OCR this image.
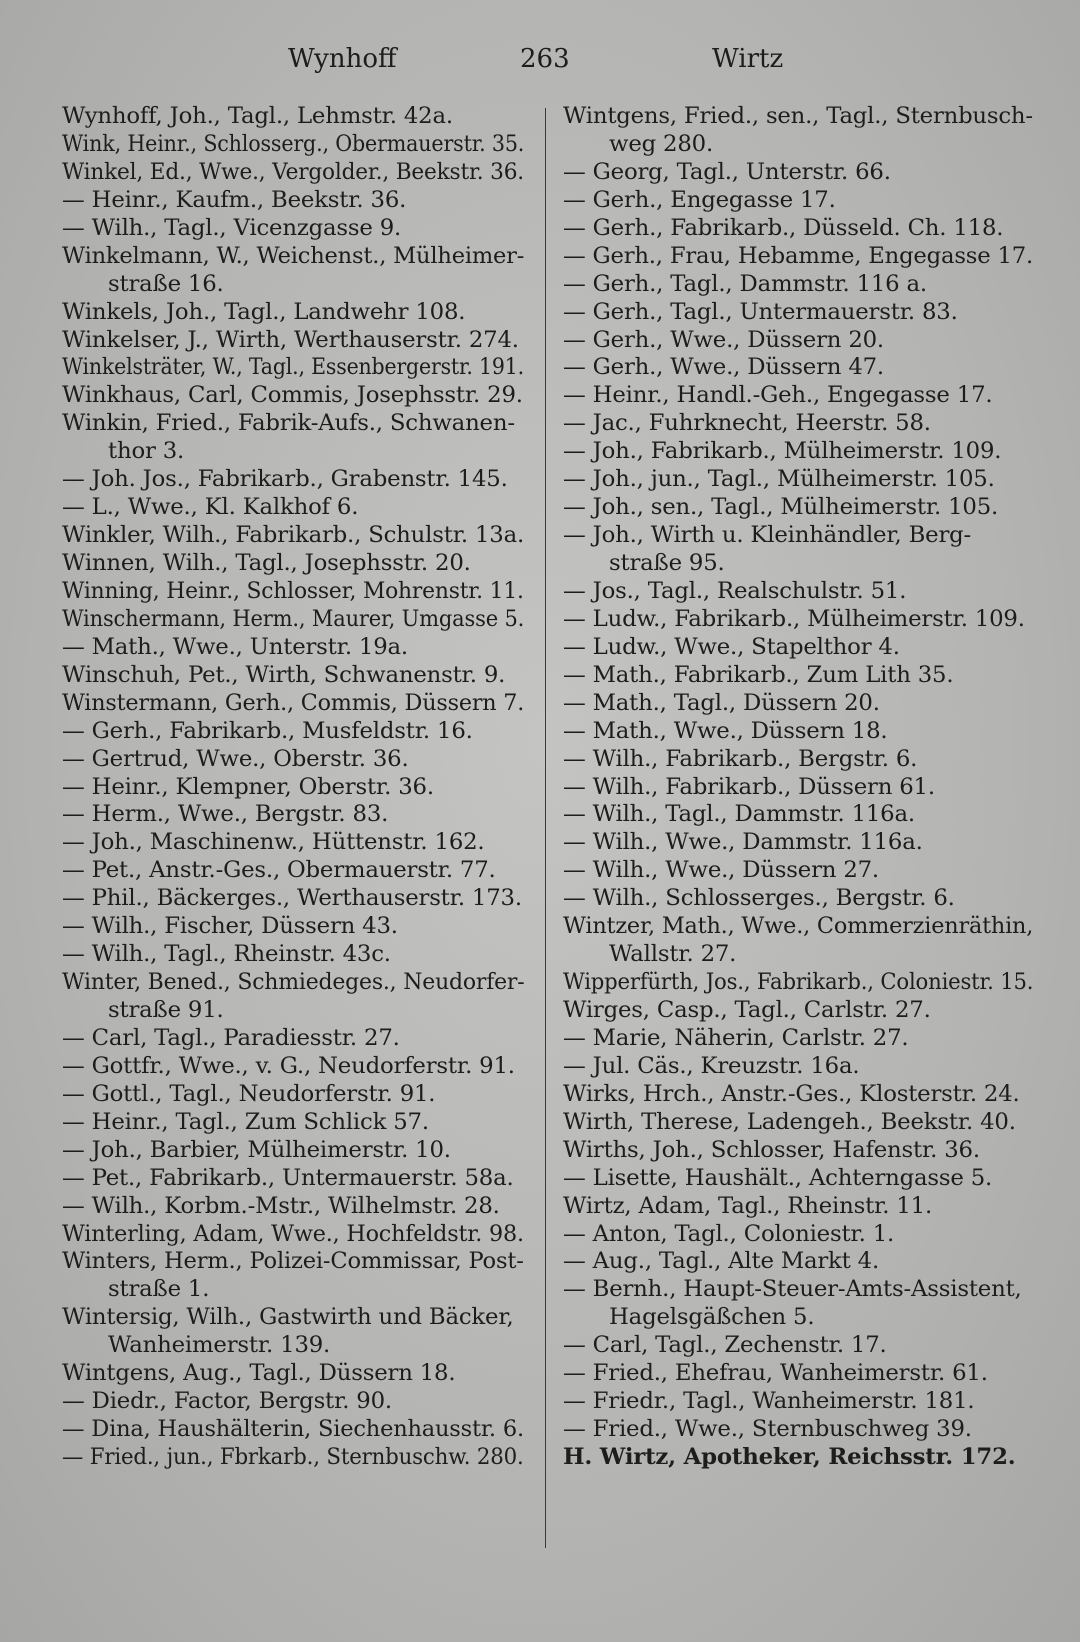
Wynhoff	263	Wirtz
Wynhoff, Joh., Tagl., Lehmstr. 42a.
Wink, Heinr., Schlosserg., Obermauerstr. 35.
Winkel, Ed., Wwe., Vergolder., Beekstr. 36.
— Heinr., Kaufm., Beekstr. 36.
— Wilh., Tagl., Vicenzgasse 9.
Winkelmann, W., Weichenst., Mülheimer-
straße 16.
Winkels, Joh., Tagl., Landwehr 108.
Winkelser, J., Wirth, Werthauserstr. 274.
Winkelsträter, W., Tagl., Essenbergerstr. 191.
Winkhaus, Carl, Commis, Josephsstr. 29.
Winkin, Fried., Fabrik-Aufs., Schwanen-
thor 3.
— Joh. Jos., Fabrikarb., Grabenstr. 145.
— L., Wwe., Kl. Kalkhof 6.
Winkler, Wilh., Fabrikarb., Schulstr. 13a.
Winnen, Wilh., Tagl., Josephsstr. 20.
Winning, Heinr., Schlosser, Mohrenstr. 11.
Winschermann, Herm., Maurer, Umgasse 5.
— Math., Wwe., Unterstr. 19a.
Winschuh, Pet., Wirth, Schwanenstr. 9.
Winstermann, Gerh., Commis, Düssern 7.
— Gerh., Fabrikarb., Musfeldstr. 16.
— Gertrud, Wwe., Oberstr. 36.
— Heinr., Klempner, Oberstr. 36.
— Herm., Wwe., Bergstr. 83.
— Joh., Maschinenw., Hüttenstr. 162.
— Pet., Anstr.-Ges., Obermauerstr. 77.
— Phil., Bäckerges., Werthauserstr. 173.
— Wilh., Fischer, Düssern 43.
— Wilh., Tagl., Rheinstr. 43c.
Winter, Bened., Schmiedeges., Neudorfer-
straße 91.
— Carl, Tagl., Paradiesstr. 27.
— Gottfr., Wwe., v. G., Neudorferstr. 91.
— Gottl., Tagl., Neudorferstr. 91.
— Heinr., Tagl., Zum Schlick 57.
— Joh., Barbier, Mülheimerstr. 10.
— Pet., Fabrikarb., Untermauerstr. 58a.
— Wilh., Korbm.-Mstr., Wilhelmstr. 28.
Winterling, Adam, Wwe., Hochfeldstr. 98.
Winters, Herm., Polizei-Commissar, Post-
straße 1.
Wintersig, Wilh., Gastwirth und Bäcker,
Wanheimerstr. 139.
Wintgens, Aug., Tagl., Düssern 18.
— Diedr., Factor, Bergstr. 90.
— Dina, Haushälterin, Siechenhausstr. 6.
— Fried., jun., Fbrkarb., Sternbuschw. 280.
Wintgens, Fried., sen., Tagl., Sternbusch-
weg 280.
— Georg, Tagl., Unterstr. 66.
— Gerh., Engegasse 17.
— Gerh., Fabrikarb., Düsseld. Ch. 118.
— Gerh., Frau, Hebamme, Engegasse 17.
— Gerh., Tagl., Dammstr. 116 a.
— Gerh., Tagl., Untermauerstr. 83.
— Gerh., Wwe., Düssern 20.
— Gerh., Wwe., Düssern 47.
— Heinr., Handl.-Geh., Engegasse 17.
— Jac., Fuhrknecht, Heerstr. 58.
— Joh., Fabrikarb., Mülheimerstr. 109.
— Joh., jun., Tagl., Mülheimerstr. 105.
— Joh., sen., Tagl., Mülheimerstr. 105.
— Joh., Wirth u. Kleinhändler, Berg-
straße 95.
— Jos., Tagl., Realschulstr. 51.
— Ludw., Fabrikarb., Mülheimerstr. 109.
— Ludw., Wwe., Stapelthor 4.
— Math., Fabrikarb., Zum Lith 35.
— Math., Tagl., Düssern 20.
— Math., Wwe., Düssern 18.
— Wilh., Fabrikarb., Bergstr. 6.
— Wilh., Fabrikarb., Düssern 61.
— Wilh., Tagl., Dammstr. 116a.
— Wilh., Wwe., Dammstr. 116a.
— Wilh., Wwe., Düssern 27.
— Wilh., Schlosserges., Bergstr. 6.
Wintzer, Math., Wwe., Commerzienräthin,
Wallstr. 27.
Wipperfürth, Jos., Fabrikarb., Coloniestr. 15.
Wirges, Casp., Tagl., Carlstr. 27.
— Marie, Näherin, Carlstr. 27.
— Jul. Cäs., Kreuzstr. 16a.
Wirks, Hrch., Anstr.-Ges., Klosterstr. 24.
Wirth, Therese, Ladengeh., Beekstr. 40.
Wirths, Joh., Schlosser, Hafenstr. 36.
— Lisette, Haushält., Achterngasse 5.
Wirtz, Adam, Tagl., Rheinstr. 11.
— Anton, Tagl., Coloniestr. 1.
— Aug., Tagl., Alte Markt 4.
— Bernh., Haupt-Steuer-Amts-Assistent,
Hagelsgäßchen 5.
— Carl, Tagl., Zechenstr. 17.
— Fried., Ehefrau, Wanheimerstr. 61.
— Friedr., Tagl., Wanheimerstr. 181.
— Fried., Wwe., Sternbuschweg 39.
H. Wirtz, Apotheker, Reichsstr. 172.
